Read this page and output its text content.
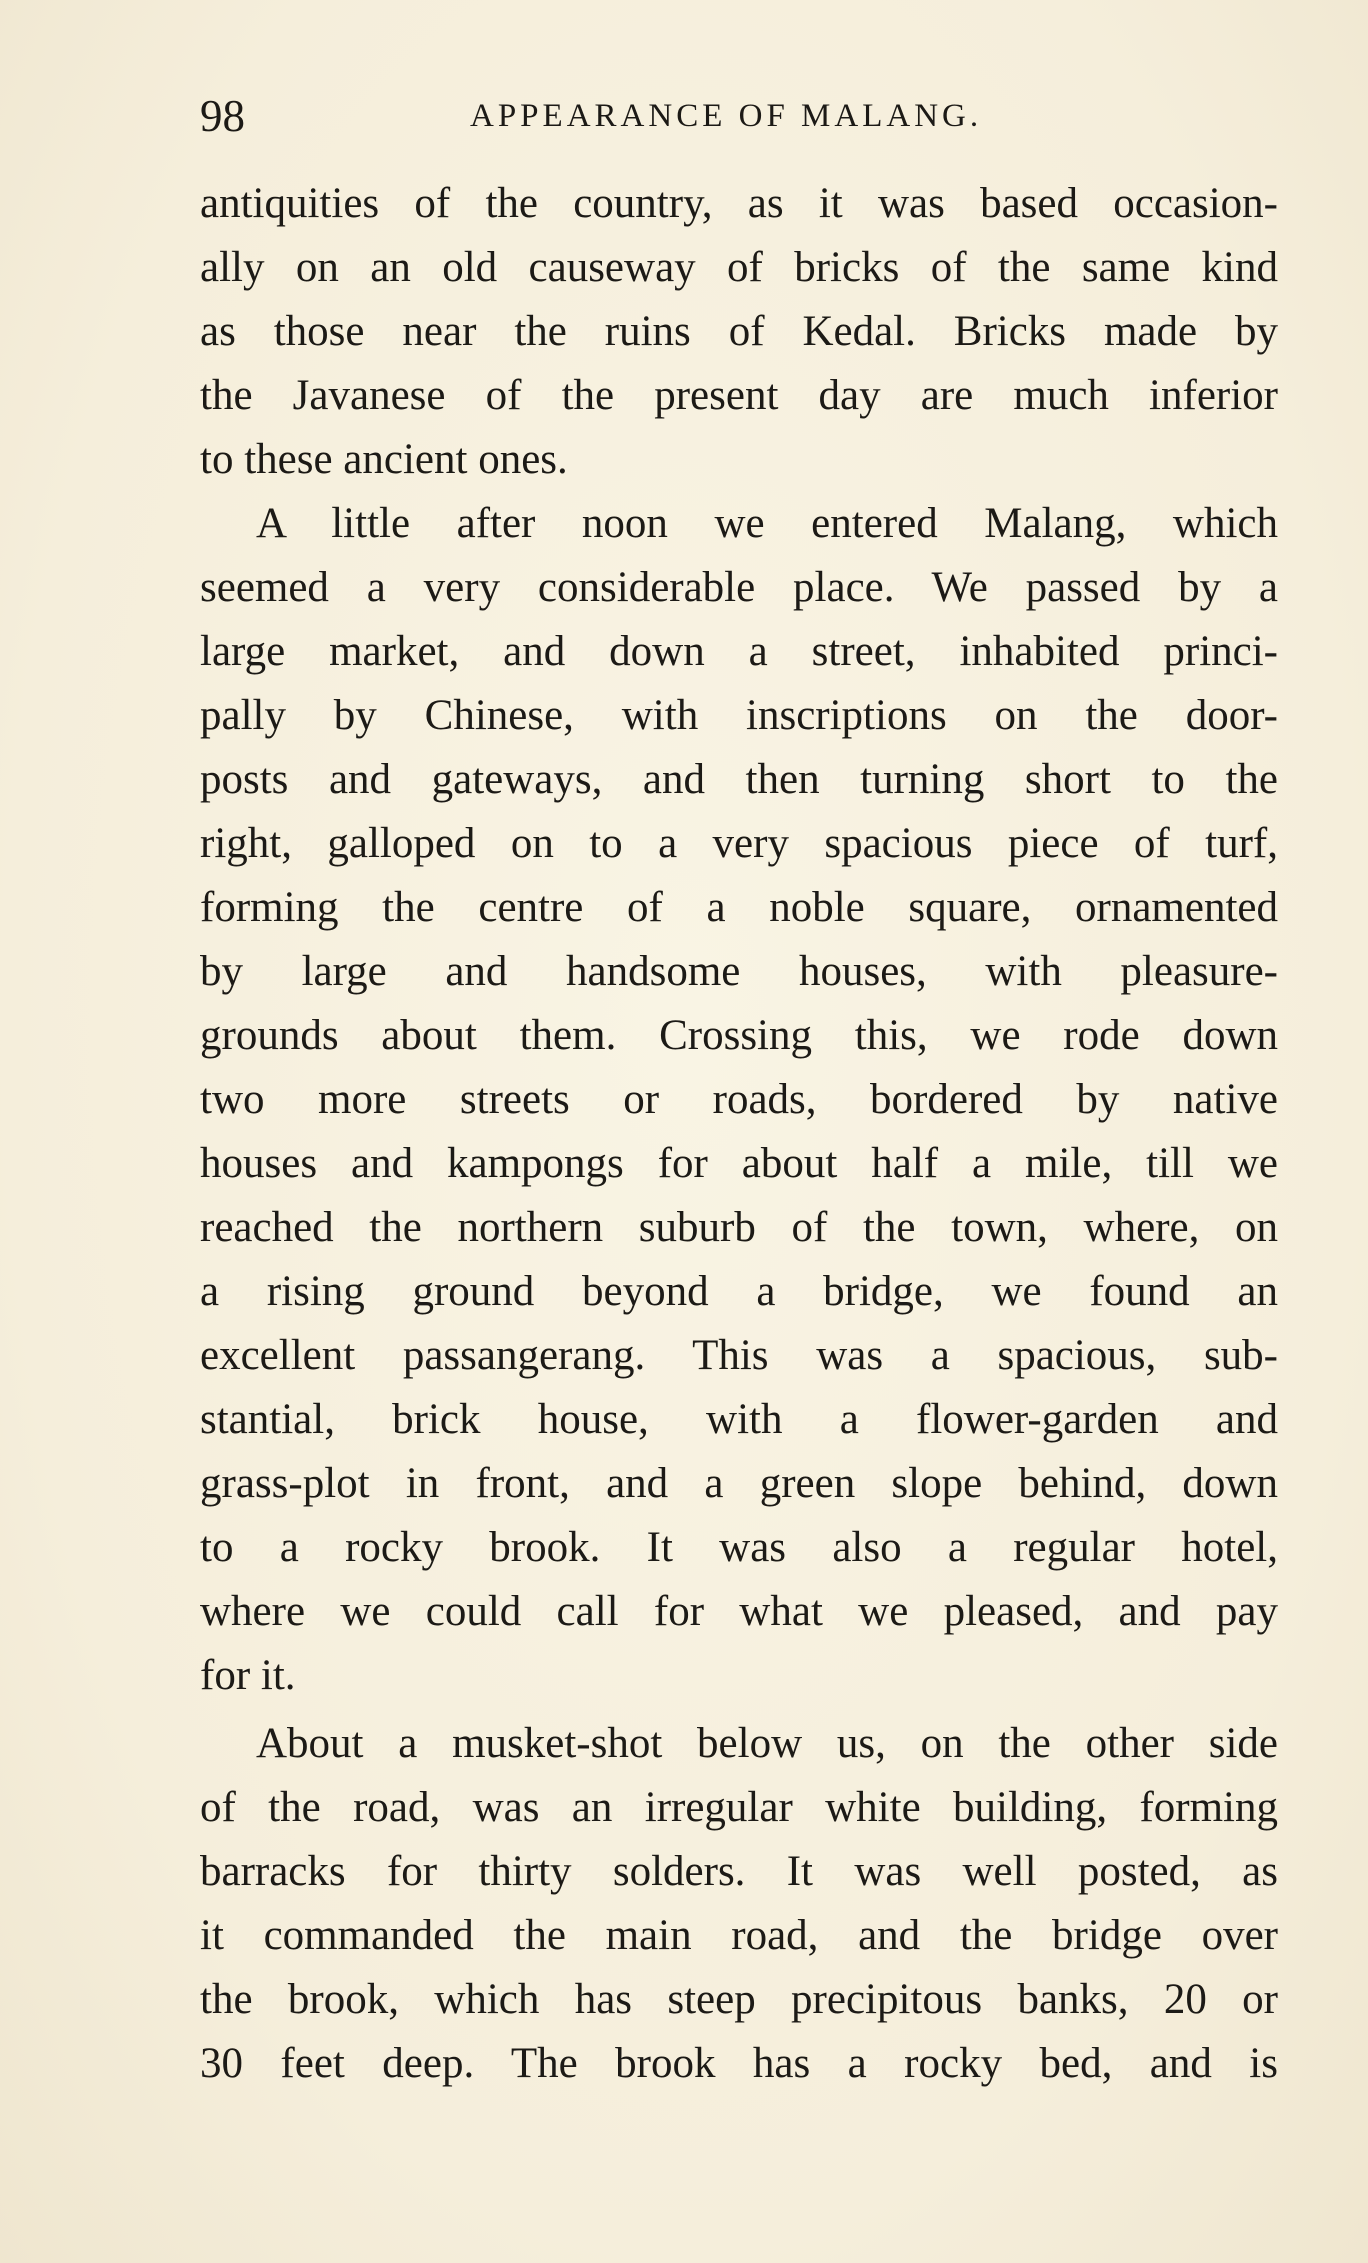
98	APPEARANCE OF MALANG.
antiquities of the country, as it was based occasion-
ally on an old causeway of bricks of the same kind
as those near the ruins of Kedal. Bricks made by
the Javanese of the present day are much inferior
to these ancient ones.
A little after noon we entered Malang, which
seemed a very considerable place. We passed by a
large market, and down a street, inhabited princi-
pally by Chinese, with inscriptions on the door-
posts and gateways, and then turning short to the
right, galloped on to a very spacious piece of turf,
forming the centre of a noble square, ornamented
by large and handsome houses, with pleasure-
grounds about them. Crossing this, we rode down
two more streets or roads, bordered by native
houses and kampongs for about half a mile, till we
reached the northern suburb of the town, where, on
a rising ground beyond a bridge, we found an
excellent passangerang. This was a spacious, sub-
stantial, brick house, with a flower-garden and
grass-plot in front, and a green slope behind, down
to a rocky brook. It was also a regular hotel,
where we could call for what we pleased, and pay
for it.
About a musket-shot below us, on the other side
of the road, was an irregular white building, forming
barracks for thirty solders. It was well posted, as
it commanded the main road, and the bridge over
the brook, which has steep precipitous banks, 20 or
30 feet deep. The brook has a rocky bed, and is
